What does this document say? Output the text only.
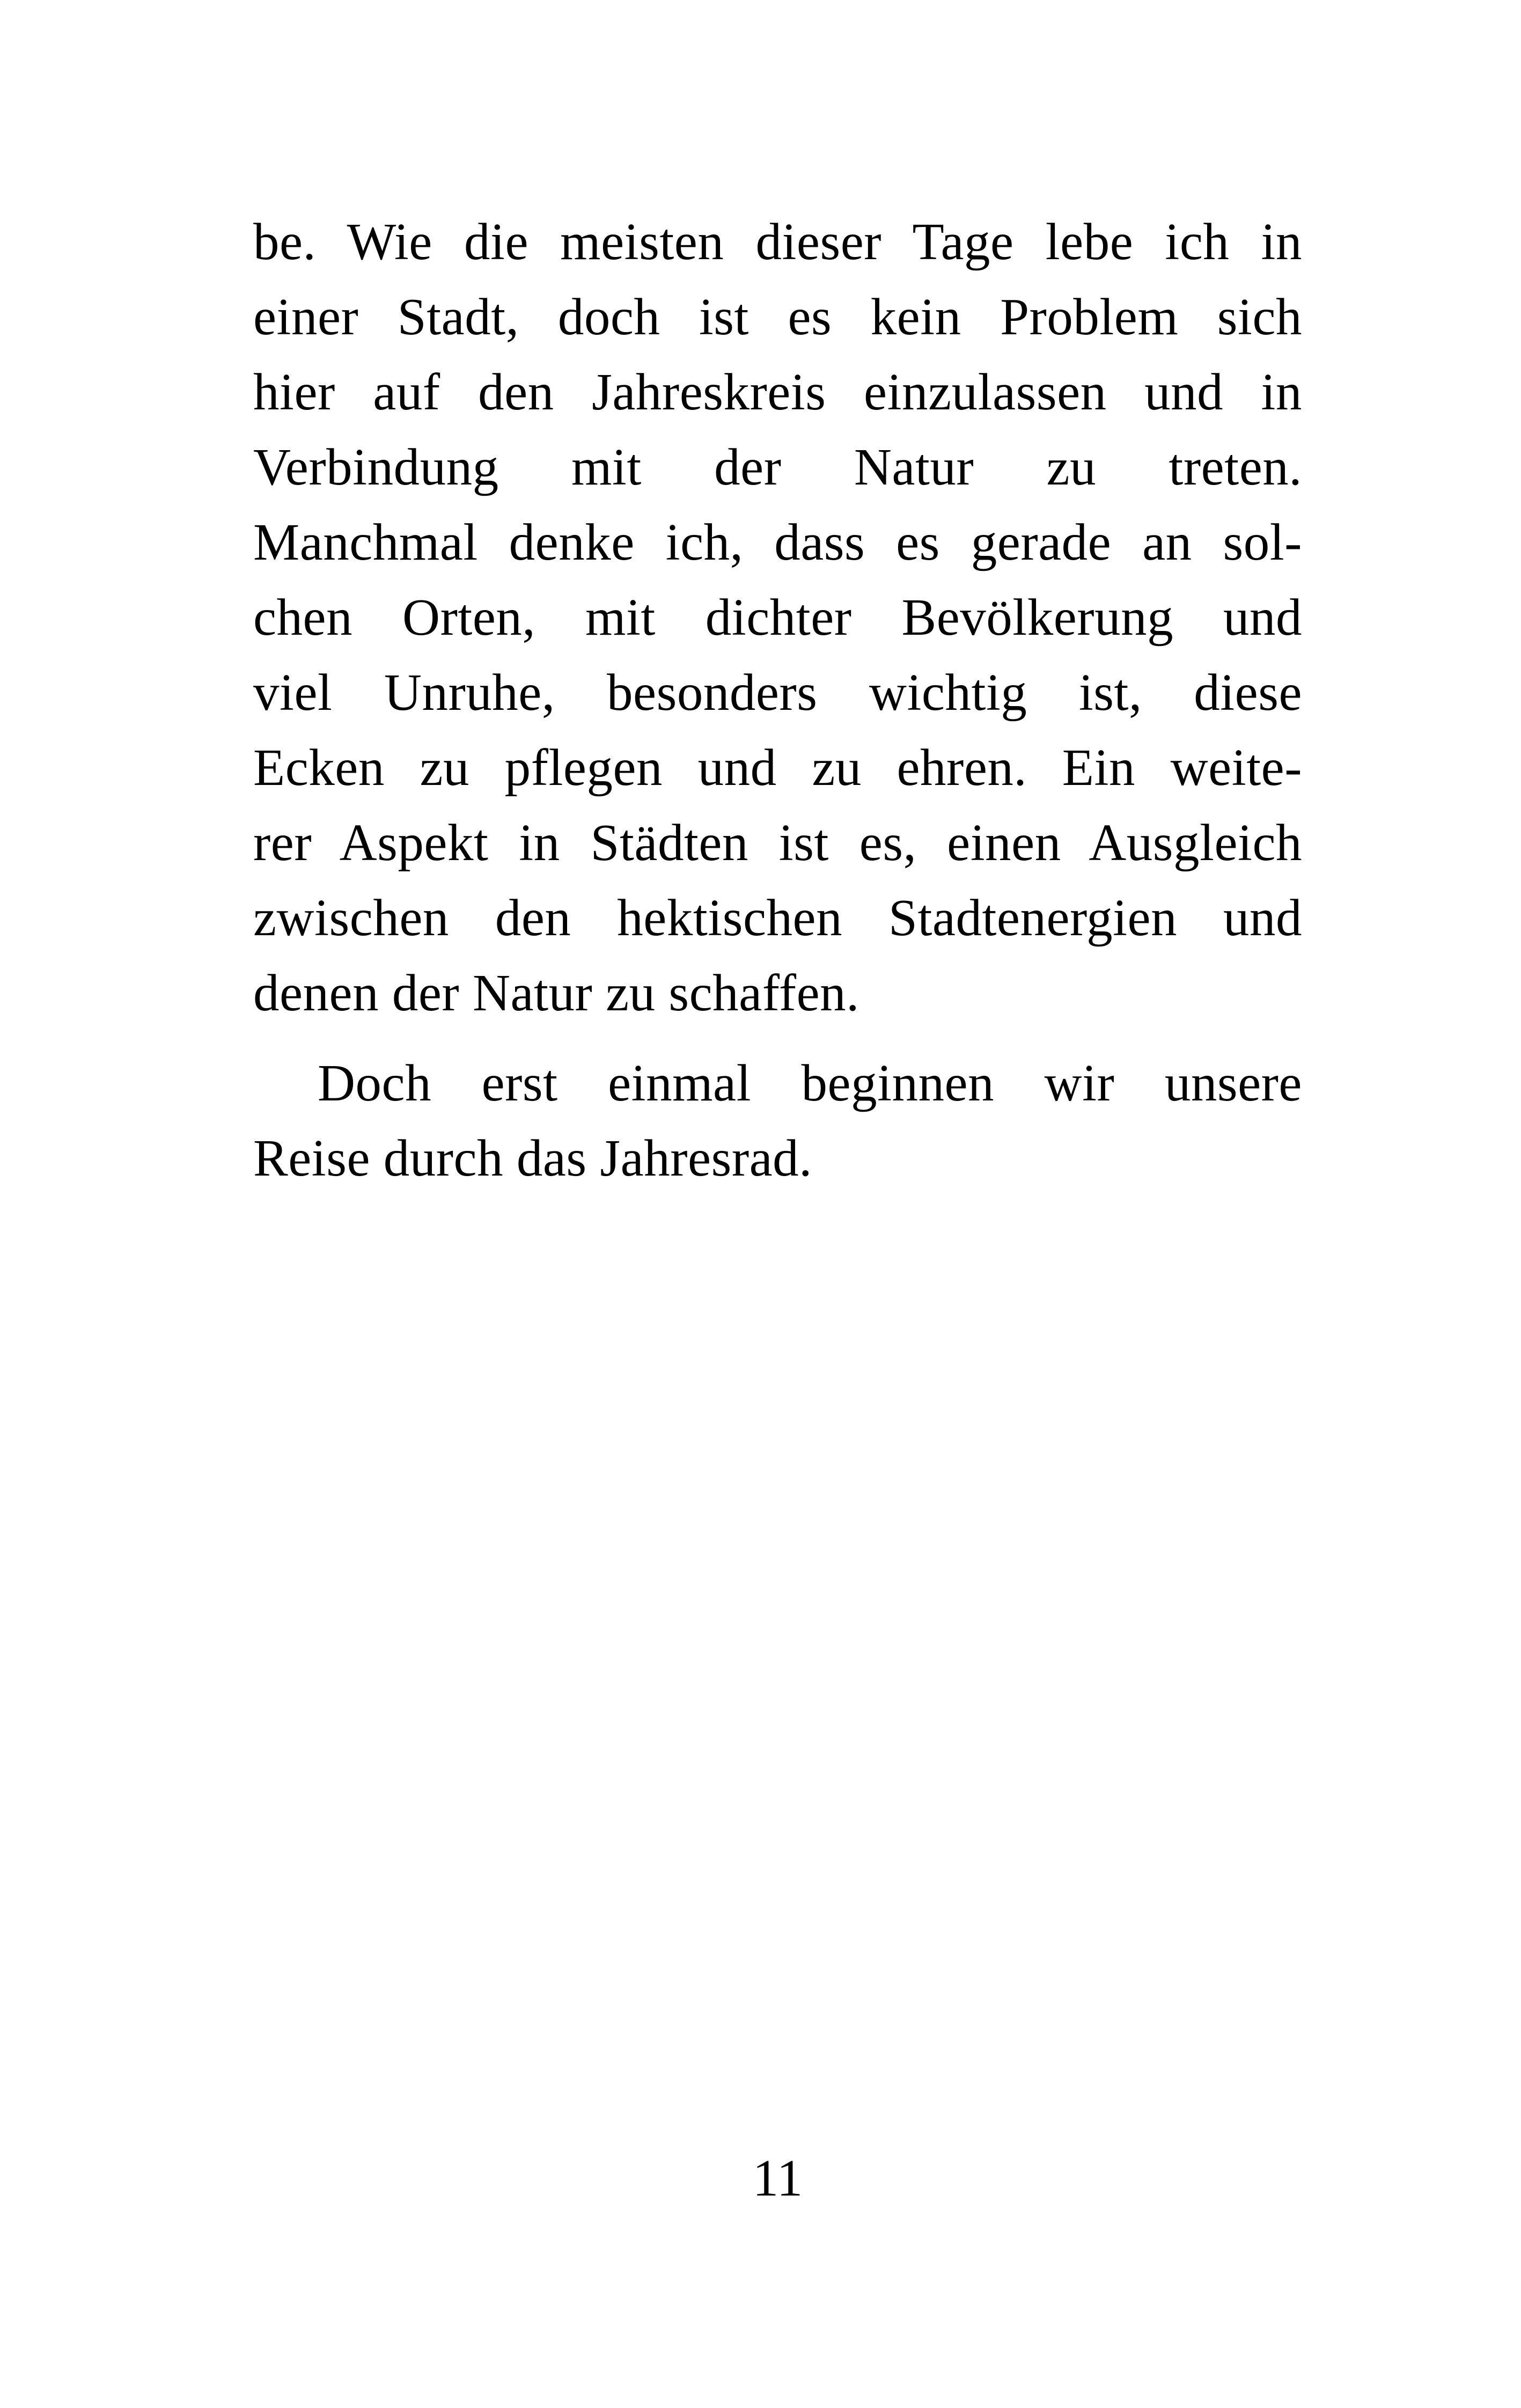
be. Wie die meisten dieser Tage lebe ich in
einer Stadt, doch ist es kein Problem sich
hier auf den Jahreskreis einzulassen und in
Verbindung mit der Natur zu treten.
Manchmal denke ich, dass es gerade an sol-
chen Orten, mit dichter Bevölkerung und
viel Unruhe, besonders wichtig ist, diese
Ecken zu pflegen und zu ehren. Ein weite-
rer Aspekt in Städten ist es, einen Ausgleich
zwischen den hektischen Stadtenergien und
denen der Natur zu schaffen.
Doch erst einmal beginnen wir unsere
Reise durch das Jahresrad.
11
